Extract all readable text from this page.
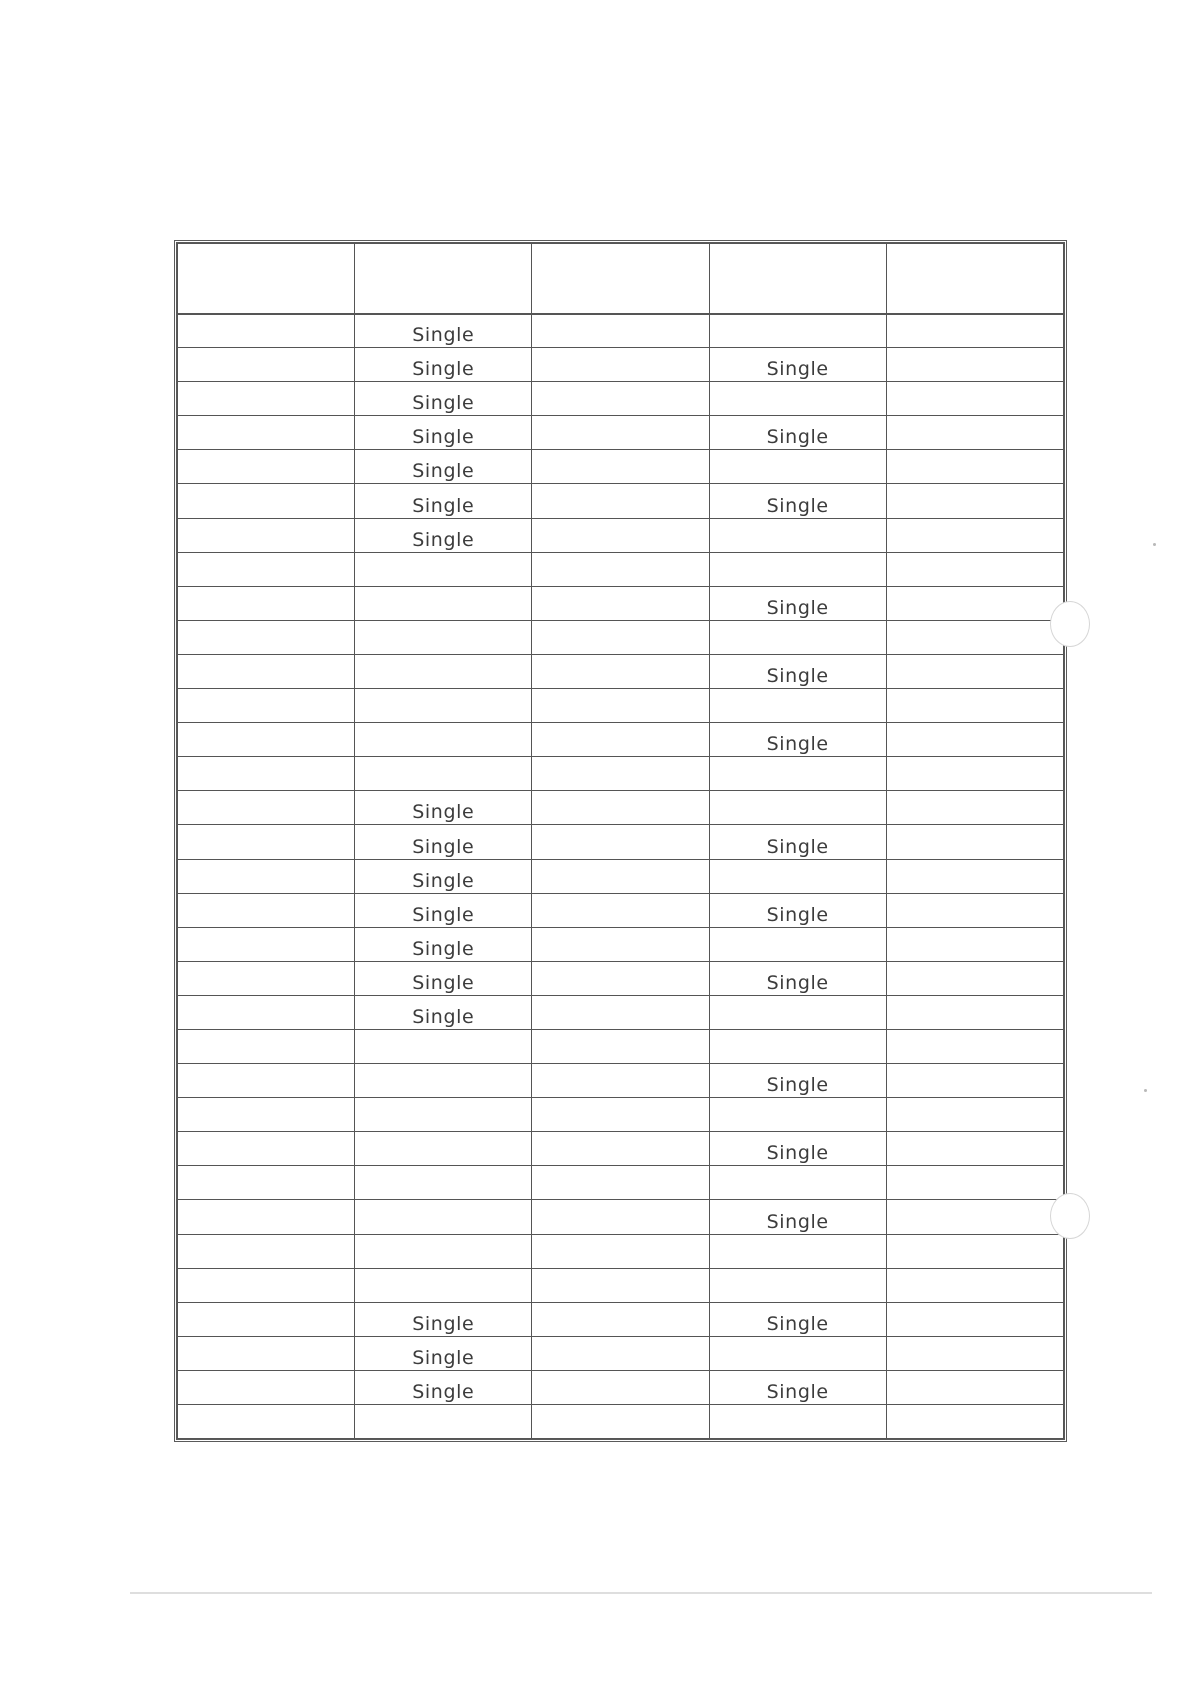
	Single			
	Single		Single	
	Single			
	Single		Single	
	Single			
	Single		Single	
	Single			

			Single	

			Single	

			Single	

	Single			
	Single		Single	
	Single			
	Single		Single	
	Single			
	Single		Single	
	Single			

			Single	

			Single	

			Single	

	Single		Single	
	Single			
	Single		Single	
